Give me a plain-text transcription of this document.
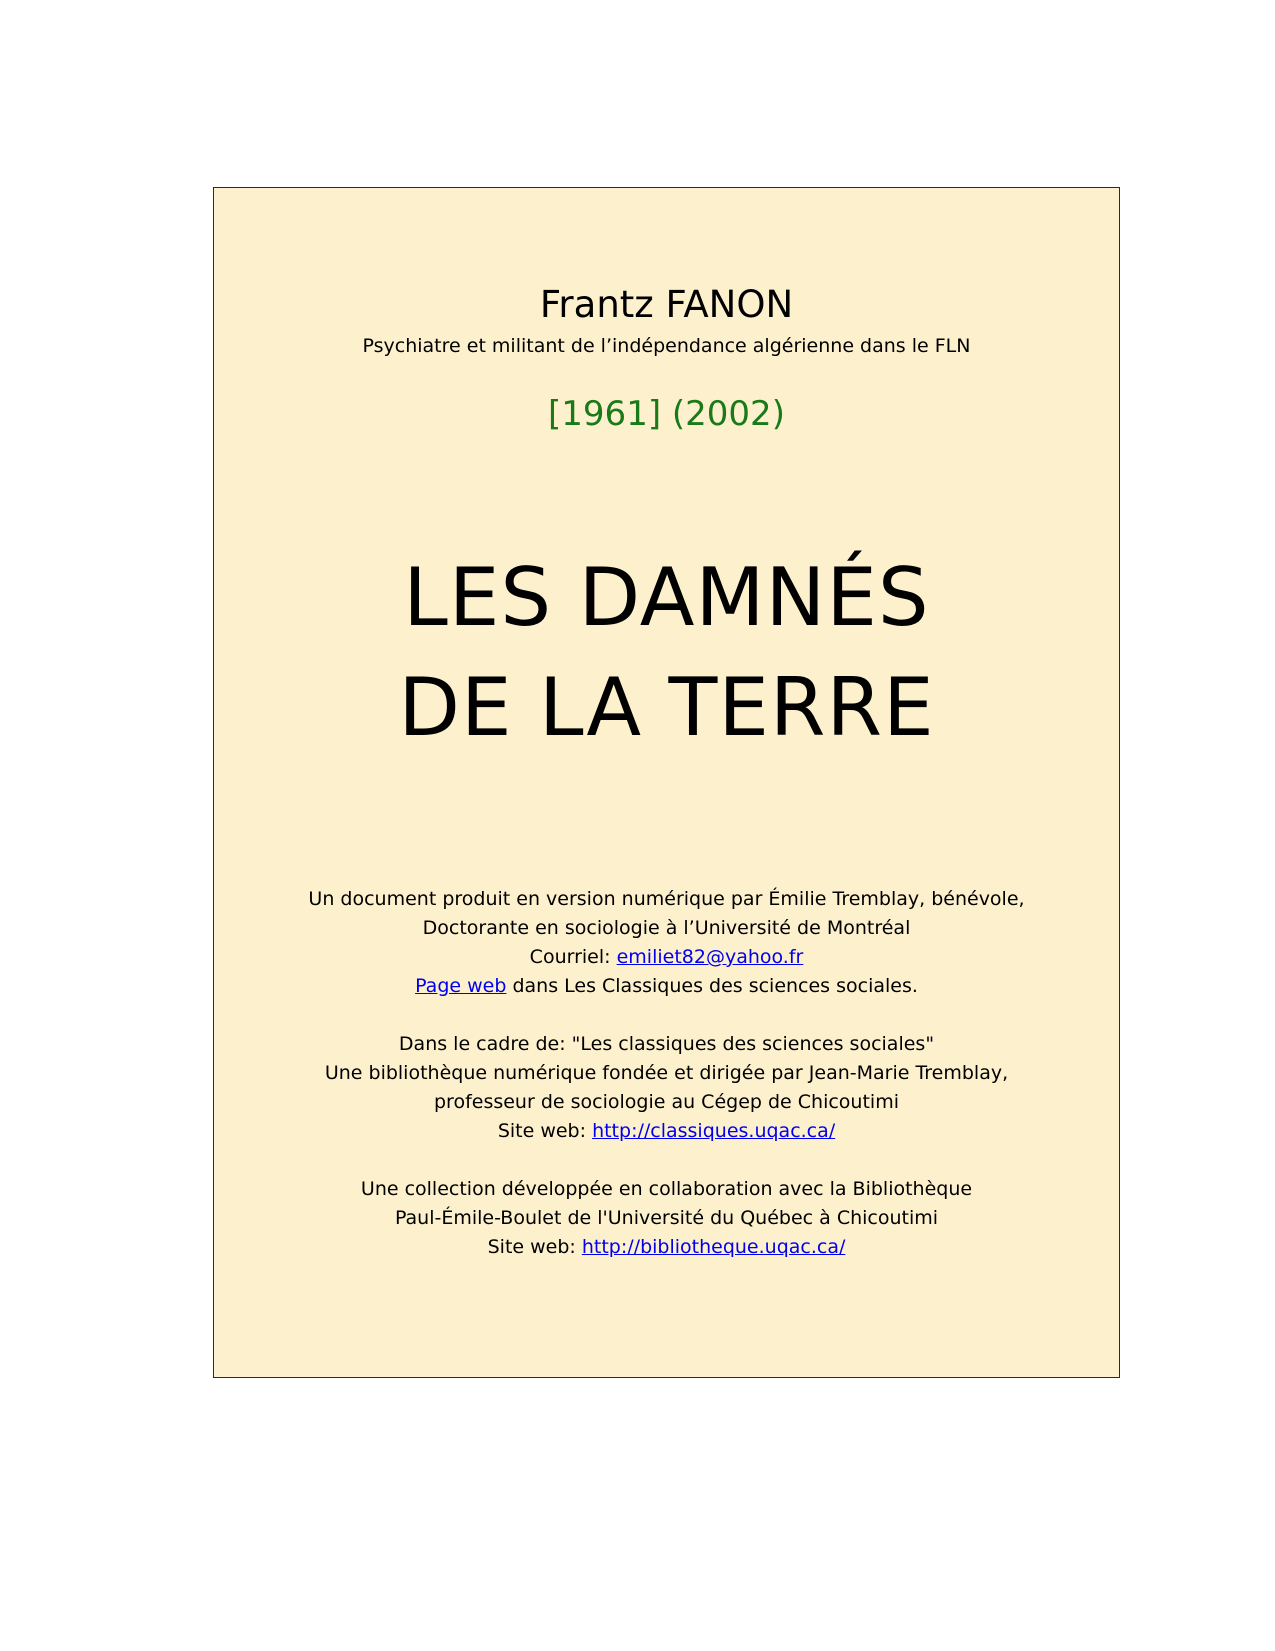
Frantz FANON
Psychiatre et militant de l’indépendance algérienne dans le FLN
[1961] (2002)
LES DAMNÉS
DE LA TERRE
Un document produit en version numérique par Émilie Tremblay, bénévole,
Doctorante en sociologie à l’Université de Montréal
Courriel: emiliet82@yahoo.fr
Page web dans Les Classiques des sciences sociales.
Dans le cadre de: "Les classiques des sciences sociales"
Une bibliothèque numérique fondée et dirigée par Jean-Marie Tremblay,
professeur de sociologie au Cégep de Chicoutimi
Site web: http://classiques.uqac.ca/
Une collection développée en collaboration avec la Bibliothèque
Paul-Émile-Boulet de l'Université du Québec à Chicoutimi
Site web: http://bibliotheque.uqac.ca/
